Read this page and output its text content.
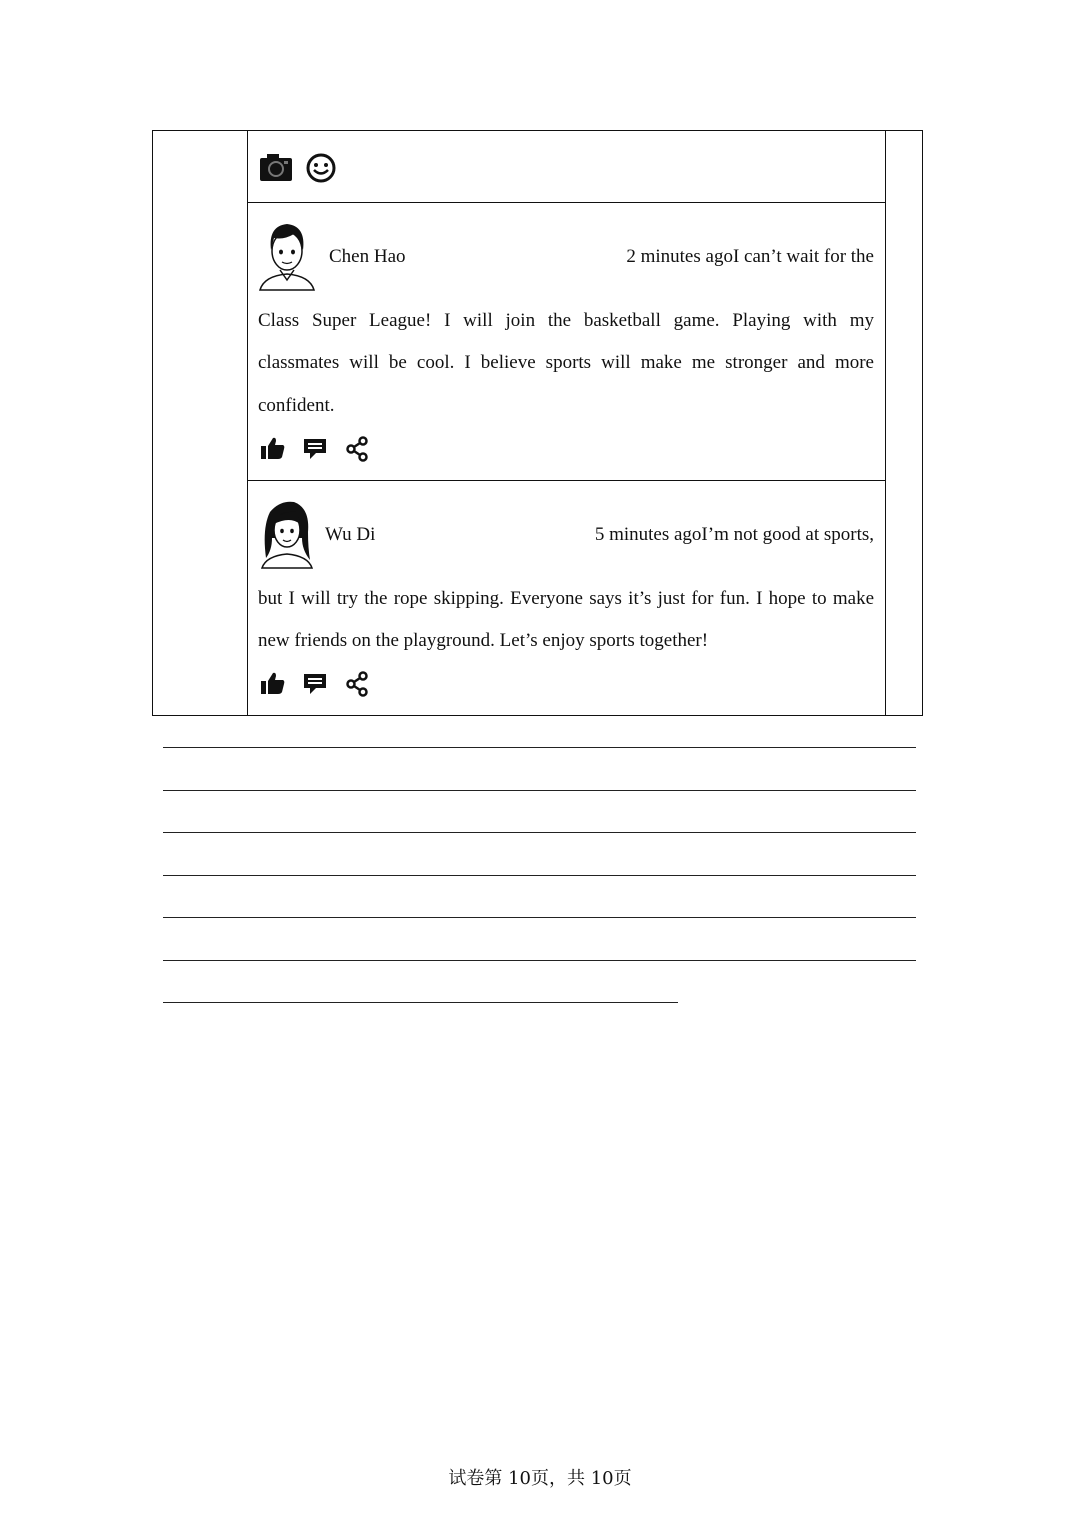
Chen Hao	2 minutes agoI can’t wait for the
Class Super League! I will join the basketball game. Playing with my
classmates will be cool. I believe sports will make me stronger and more
confident.
Wu Di	5 minutes agoI’m not good at sports,
but I will try the rope skipping. Everyone says it’s just for fun. I hope to make
new friends on the playground. Let’s enjoy sports together!
试卷第 10页，共 10页
